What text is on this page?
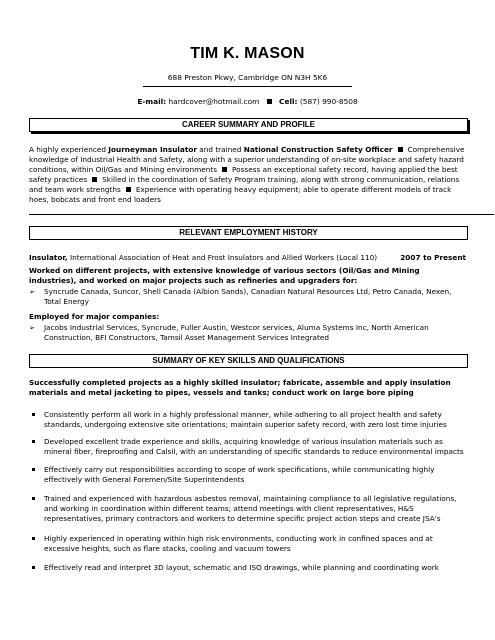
TIM K. MASON
688 Preston Pkwy, Cambridge ON N3H 5K6
E-mail: hardcover@hotmail.com	Cell: (587) 990-8508
CAREER SUMMARY AND PROFILE
A highly experienced Journeyman Insulator and trained National Construction Safety Officer Comprehensive knowledge of Industrial Health and Safety, along with a superior understanding of on-site workplace and safety hazard conditions, within Oil/Gas and Mining environments Possess an exceptional safety record, having applied the best safety practices Skilled in the coordination of Safety Program training, along with strong communication, relations and team work strengths Experience with operating heavy equipment; able to operate different models of track hoes, bobcats and front end loaders
RELEVANT EMPLOYMENT HISTORY
Insulator, International Association of Heat and Frost Insulators and Allied Workers (Local 110)	2007 to Present
Worked on different projects, with extensive knowledge of various sectors (Oil/Gas and Mining industries), and worked on major projects such as refineries and upgraders for:
➢ Syncrude Canada, Suncor, Shell Canada (Albion Sands), Canadian Natural Resources Ltd, Petro Canada, Nexen, Total Energy
Employed for major companies:
➢ Jacobs Industrial Services, Syncrude, Fuller Austin, Westcor services, Aluma Systems Inc, North American Construction, BFI Constructors, Tamsil Asset Management Services Integrated
SUMMARY OF KEY SKILLS AND QUALIFICATIONS
Successfully completed projects as a highly skilled insulator; fabricate, assemble and apply insulation materials and metal jacketing to pipes, vessels and tanks; conduct work on large bore piping
Consistently perform all work in a highly professional manner, while adhering to all project health and safety standards, undergoing extensive site orientations; maintain superior safety record, with zero lost time injuries
Developed excellent trade experience and skills, acquiring knowledge of various insulation materials such as mineral fiber, fireproofing and Calsil, with an understanding of specific standards to reduce environmental impacts
Effectively carry out responsibilities according to scope of work specifications, while communicating highly effectively with General Foremen/Site Superintendents
Trained and experienced with hazardous asbestos removal, maintaining compliance to all legislative regulations, and working in coordination within different teams; attend meetings with client representatives, H&S representatives, primary contractors and workers to determine specific project action steps and create JSA's
Highly experienced in operating within high risk environments, conducting work in confined spaces and at excessive heights, such as flare stacks, cooling and vacuum towers
Effectively read and interpret 3D layout, schematic and ISO drawings, while planning and coordinating work
